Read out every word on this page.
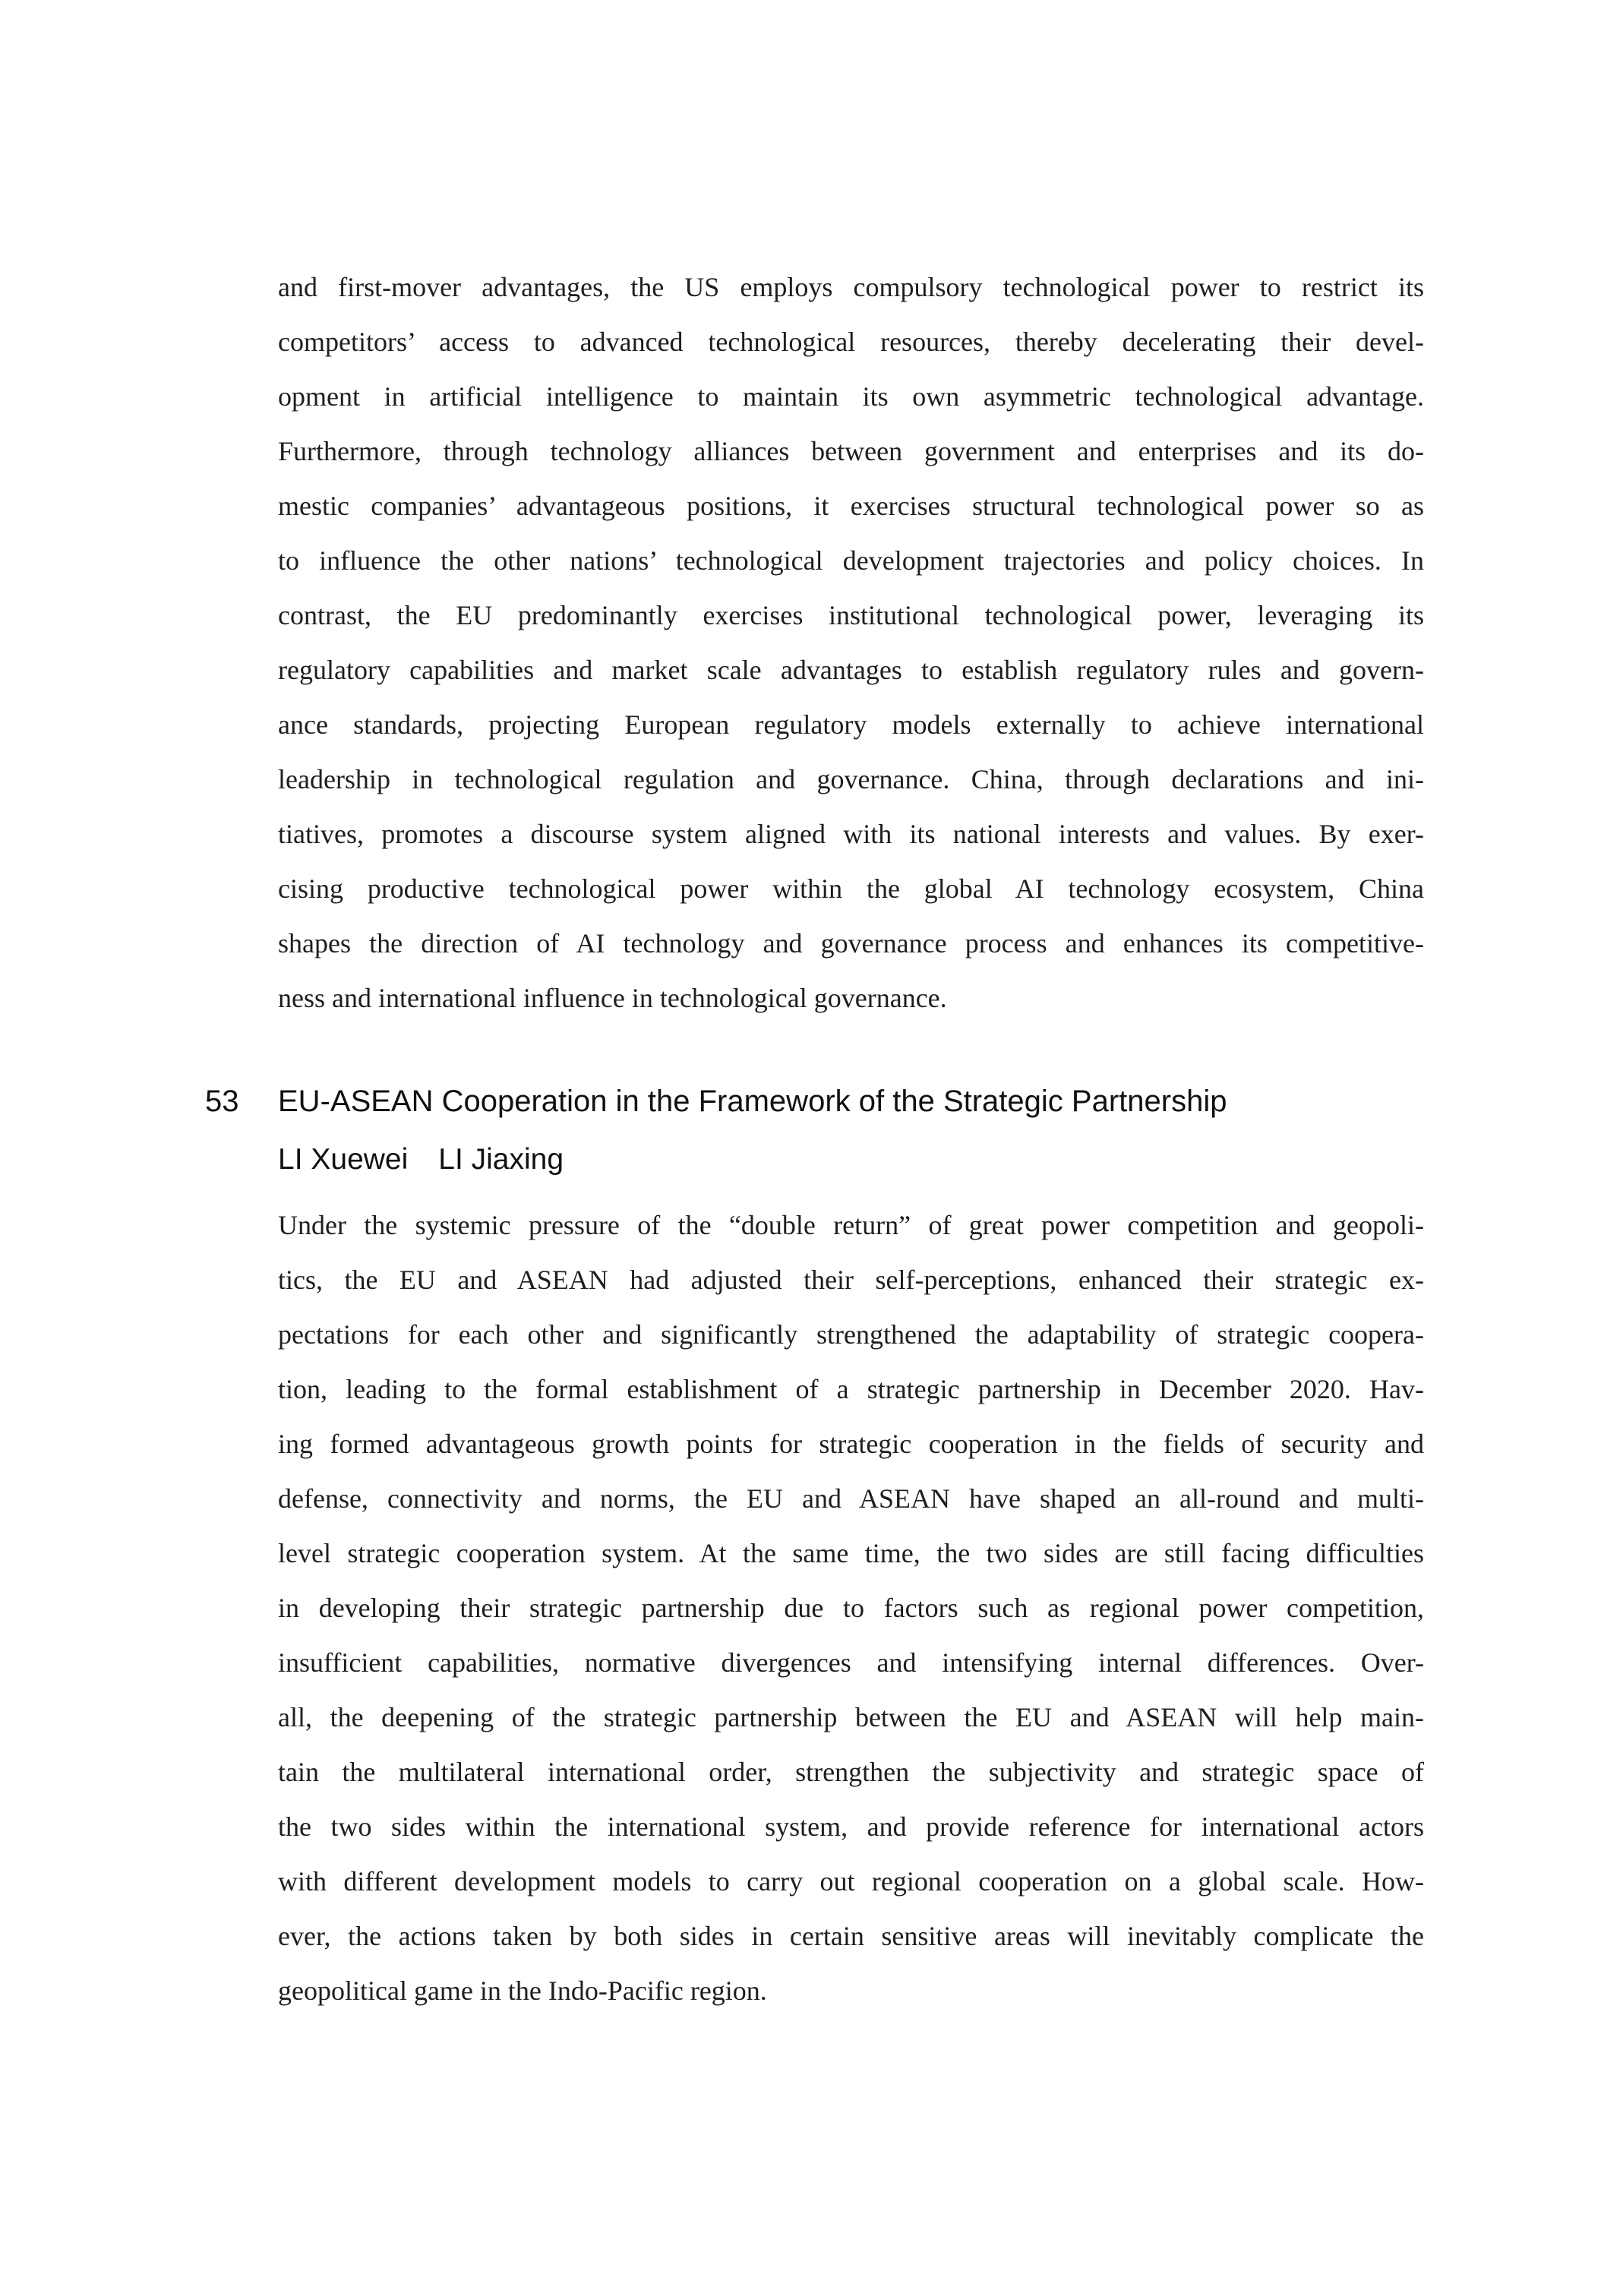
and first-mover advantages, the US employs compulsory technological power to restrict its
competitors’ access to advanced technological resources, thereby decelerating their devel-
opment in artificial intelligence to maintain its own asymmetric technological advantage.
Furthermore, through technology alliances between government and enterprises and its do-
mestic companies’ advantageous positions, it exercises structural technological power so as
to influence the other nations’ technological development trajectories and policy choices. In
contrast, the EU predominantly exercises institutional technological power, leveraging its
regulatory capabilities and market scale advantages to establish regulatory rules and govern-
ance standards, projecting European regulatory models externally to achieve international
leadership in technological regulation and governance. China, through declarations and ini-
tiatives, promotes a discourse system aligned with its national interests and values. By exer-
cising productive technological power within the global AI technology ecosystem, China
shapes the direction of AI technology and governance process and enhances its competitive-
ness and international influence in technological governance.
53 EU-ASEAN Cooperation in the Framework of the Strategic Partnership
LI Xuewei LI Jiaxing
Under the systemic pressure of the “double return” of great power competition and geopoli-
tics, the EU and ASEAN had adjusted their self-perceptions, enhanced their strategic ex-
pectations for each other and significantly strengthened the adaptability of strategic coopera-
tion, leading to the formal establishment of a strategic partnership in December 2020. Hav-
ing formed advantageous growth points for strategic cooperation in the fields of security and
defense, connectivity and norms, the EU and ASEAN have shaped an all-round and multi-
level strategic cooperation system. At the same time, the two sides are still facing difficulties
in developing their strategic partnership due to factors such as regional power competition,
insufficient capabilities, normative divergences and intensifying internal differences. Over-
all, the deepening of the strategic partnership between the EU and ASEAN will help main-
tain the multilateral international order, strengthen the subjectivity and strategic space of
the two sides within the international system, and provide reference for international actors
with different development models to carry out regional cooperation on a global scale. How-
ever, the actions taken by both sides in certain sensitive areas will inevitably complicate the
geopolitical game in the Indo-Pacific region.
